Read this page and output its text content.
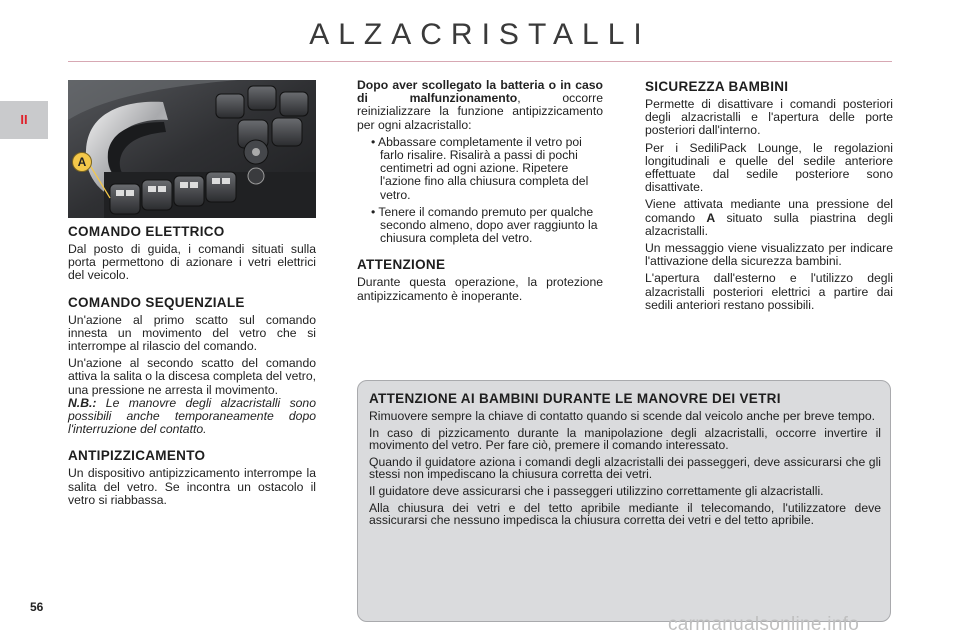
ALZACRISTALLI
II
56
A
COMANDO ELETTRICO

Dal posto di guida, i comandi situati sulla porta permettono di azionare i vetri elettrici del veicolo.

COMANDO SEQUENZIALE

Un'azione al primo scatto sul comando innesta un movimento del vetro che si interrompe al rilascio del comando.

Un'azione al secondo scatto del comando attiva la salita o la discesa completa del vetro, una pressione ne arresta il movimento.

N.B.: Le manovre degli alzacristalli sono possibili anche temporaneamente dopo l'interruzione del contatto.

ANTIPIZZICAMENTO

Un dispositivo antipizzicamento interrompe la salita del vetro. Se incontra un ostacolo il vetro si riabbassa.

Dopo aver scollegato la batteria o in caso di malfunzionamento, occorre reinizializzare la funzione antipizzicamento per ogni alzacristallo:

• Abbassare completamente il vetro poi farlo risalire. Risalirà a passi di pochi centimetri ad ogni azione. Ripetere l'azione fino alla chiusura completa del vetro.
• Tenere il comando premuto per qualche secondo almeno, dopo aver raggiunto la chiusura completa del vetro.
ATTENZIONE

Durante questa operazione, la protezione antipizzicamento è inoperante.

SICUREZZA BAMBINI

Permette di disattivare i comandi posteriori degli alzacristalli e l'apertura delle porte posteriori dall'interno.

Per i SediliPack Lounge, le regolazioni longitudinali e quelle del sedile anteriore effettuate dal sedile posteriore sono disattivate.

Viene attivata mediante una pressione del comando A situato sulla piastrina degli alzacristalli.

Un messaggio viene visualizzato per indicare l'attivazione della sicurezza bambini.

L'apertura dall'esterno e l'utilizzo degli alzacristalli posteriori elettrici a partire dai sedili anteriori restano possibili.

ATTENZIONE AI BAMBINI DURANTE LE MANOVRE DEI VETRI

Rimuovere sempre la chiave di contatto quando si scende dal veicolo anche per breve tempo.

In caso di pizzicamento durante la manipolazione degli alzacristalli, occorre invertire il movimento del vetro. Per fare ciò, premere il comando interessato.

Quando il guidatore aziona i comandi degli alzacristalli dei passeggeri, deve assicurarsi che gli stessi non impediscano la chiusura corretta dei vetri.

Il guidatore deve assicurarsi che i passeggeri utilizzino correttamente gli alzacristalli.

Alla chiusura dei vetri e del tetto apribile mediante il telecomando, l'utilizzatore deve assicurarsi che nessuno impedisca la chiusura corretta dei vetri e del tetto apribile.

carmanualsonline.info
